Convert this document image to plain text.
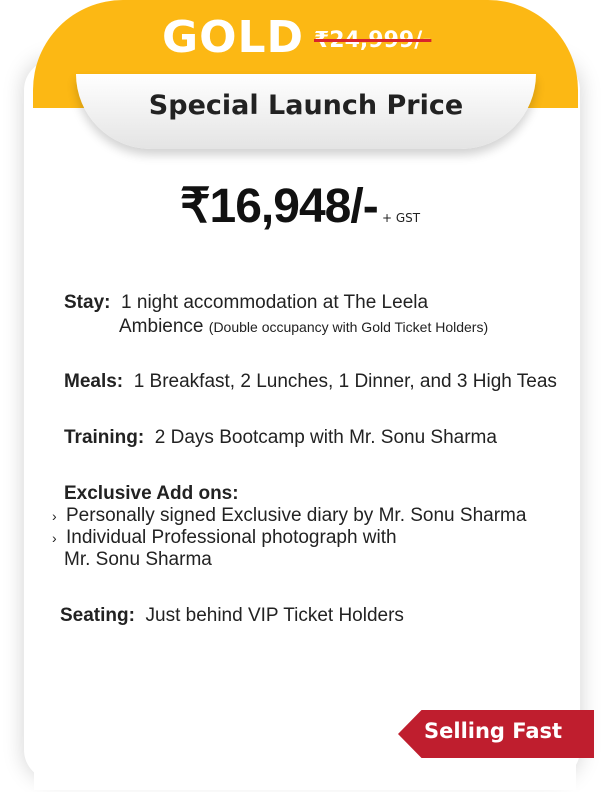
GOLD ₹24,999/-
Special Launch Price
₹16,948/- + GST
Stay: 1 night accommodation at The Leela
Ambience (Double occupancy with Gold Ticket Holders)
Meals: 1 Breakfast, 2 Lunches, 1 Dinner, and 3 High Teas
Training: 2 Days Bootcamp with Mr. Sonu Sharma
Exclusive Add ons:
› Personally signed Exclusive diary by Mr. Sonu Sharma
› Individual Professional photograph with
Mr. Sonu Sharma
Seating: Just behind VIP Ticket Holders
Selling Fast
